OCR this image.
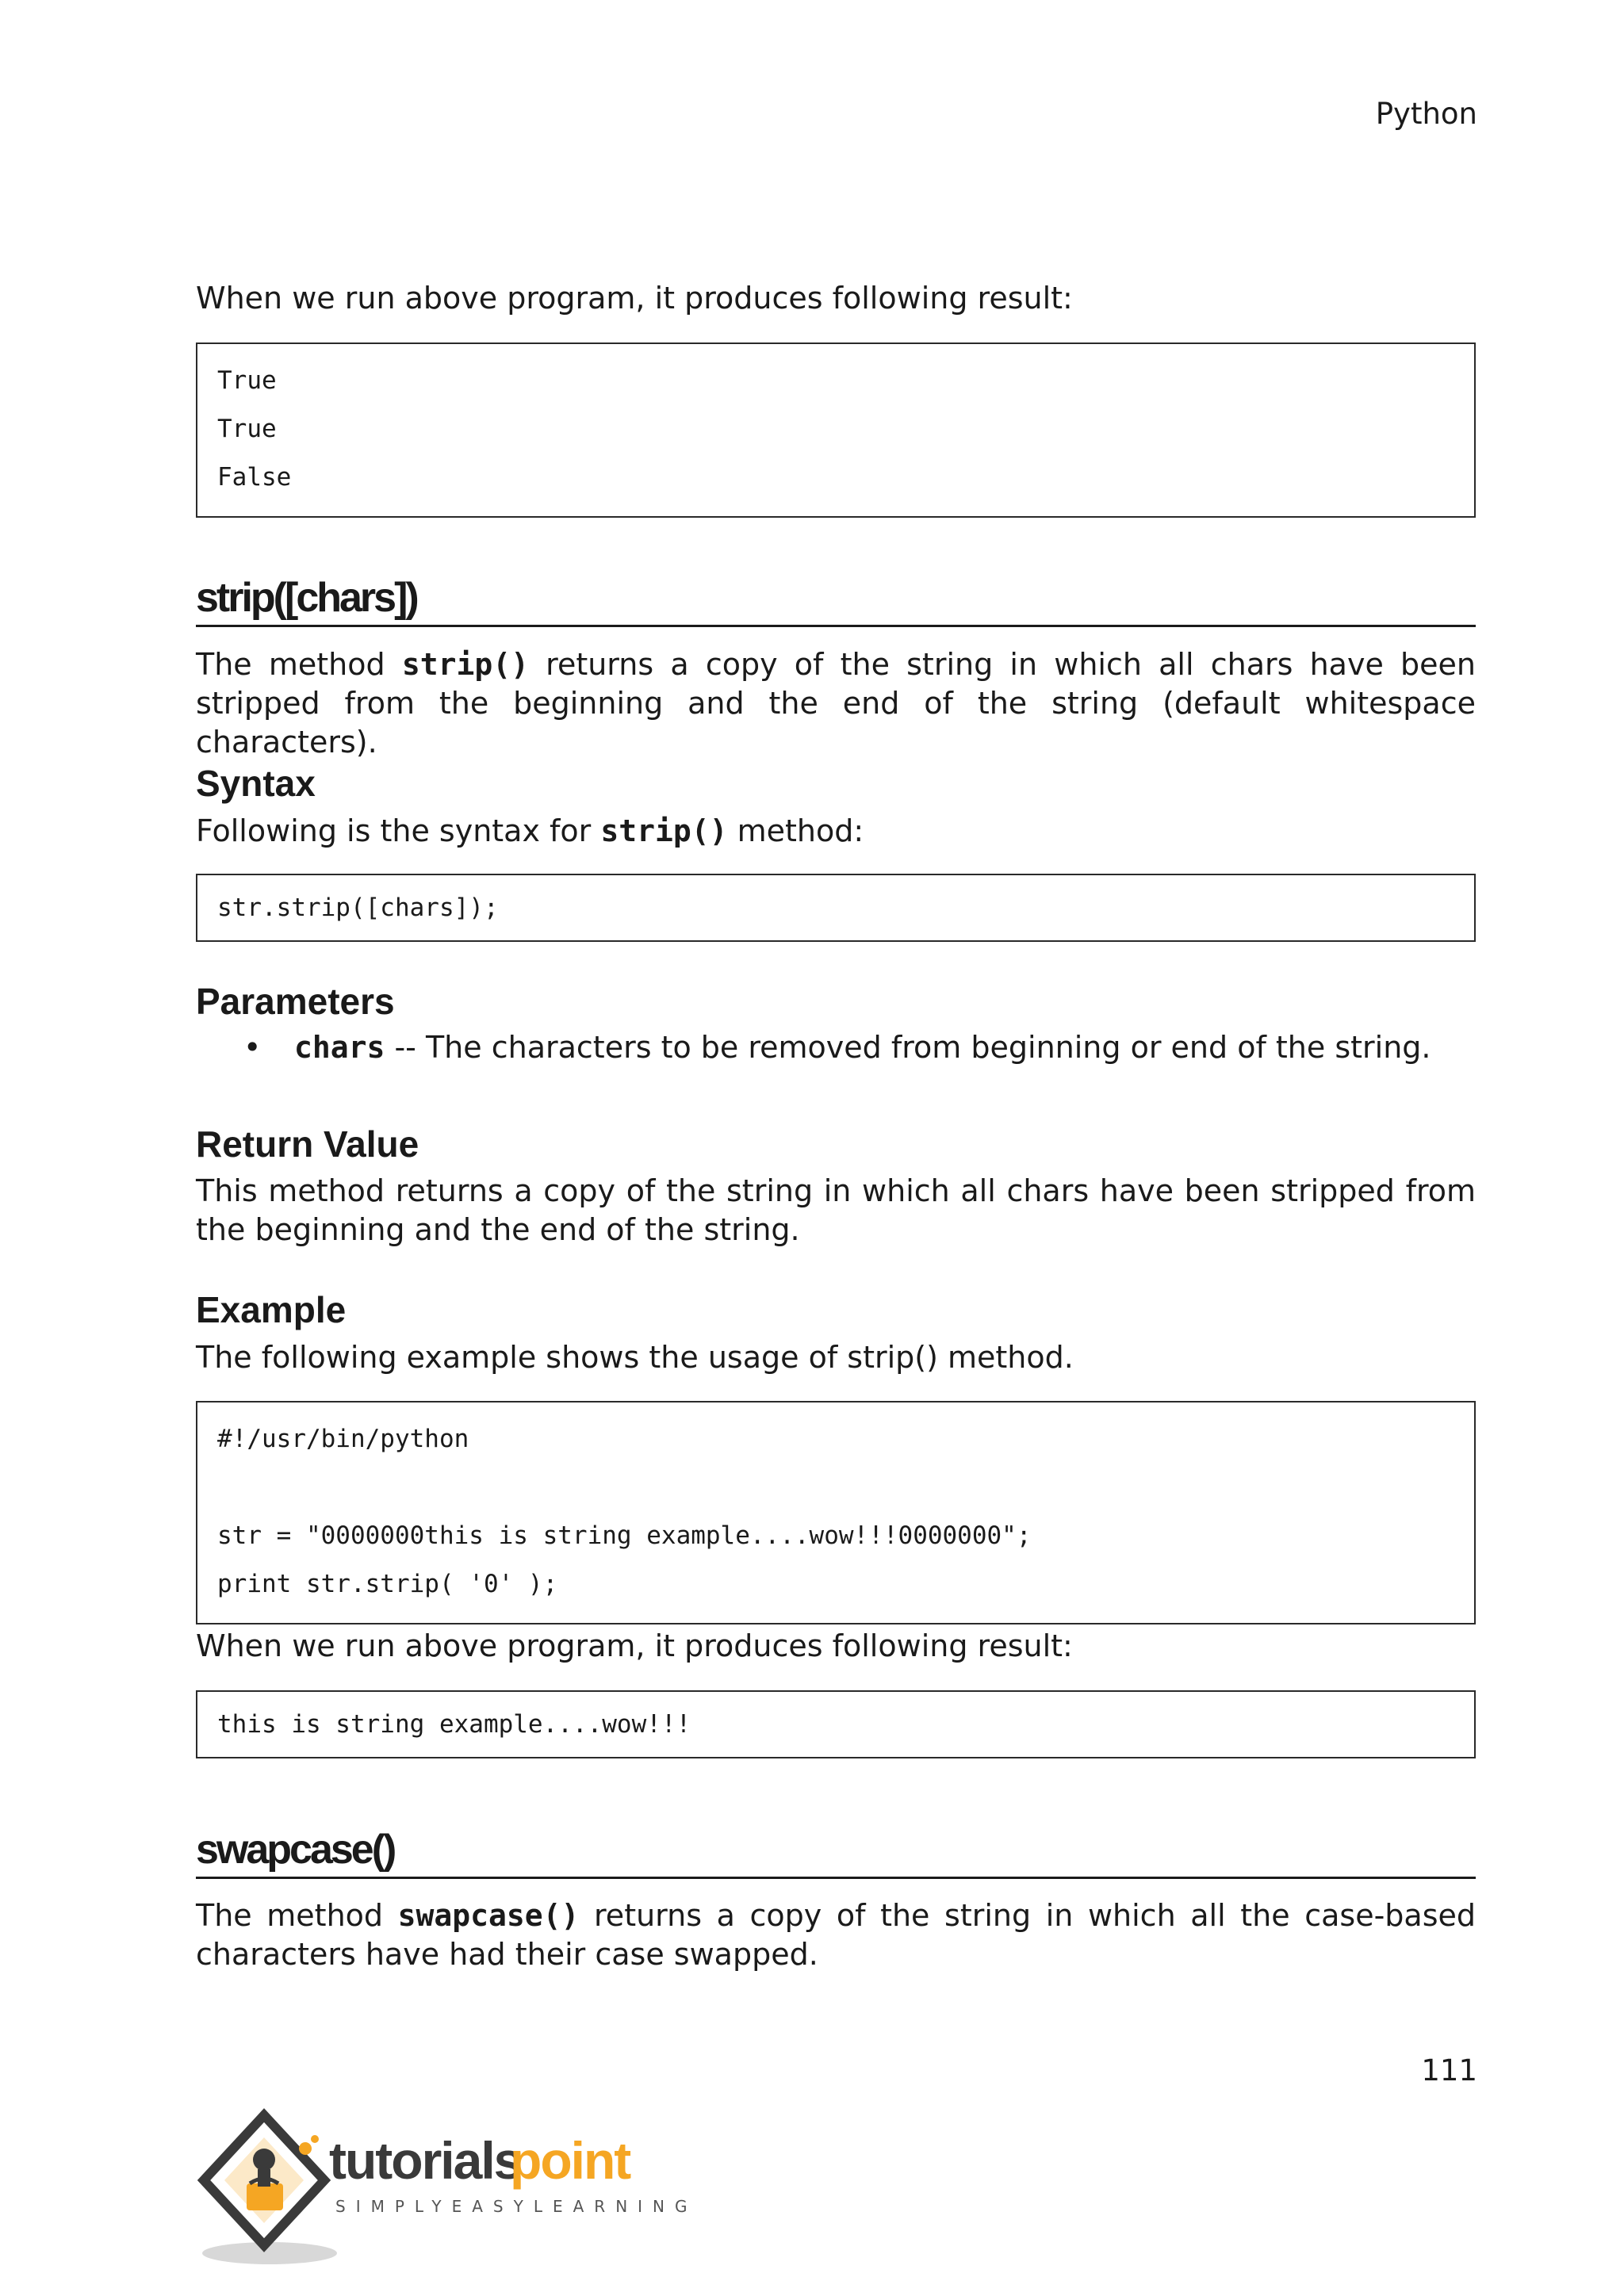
Python

When we run above program, it produces following result:

True
True
False
strip([chars])

The method strip() returns a copy of the string in which all chars have been stripped from the beginning and the end of the string (default whitespace characters).

Syntax

Following is the syntax for strip() method:

str.strip([chars]);
Parameters
• chars -- The characters to be removed from beginning or end of the string.
Return Value

This method returns a copy of the string in which all chars have been stripped from the beginning and the end of the string.

Example

The following example shows the usage of strip() method.

#!/usr/bin/python
str = "0000000this is string example....wow!!!0000000";
print str.strip( '0' );

When we run above program, it produces following result:

this is string example....wow!!!
swapcase()

The method swapcase() returns a copy of the string in which all the case-based characters have had their case swapped.

111
tutorials
point
SIMPLYEASYLEARNING
